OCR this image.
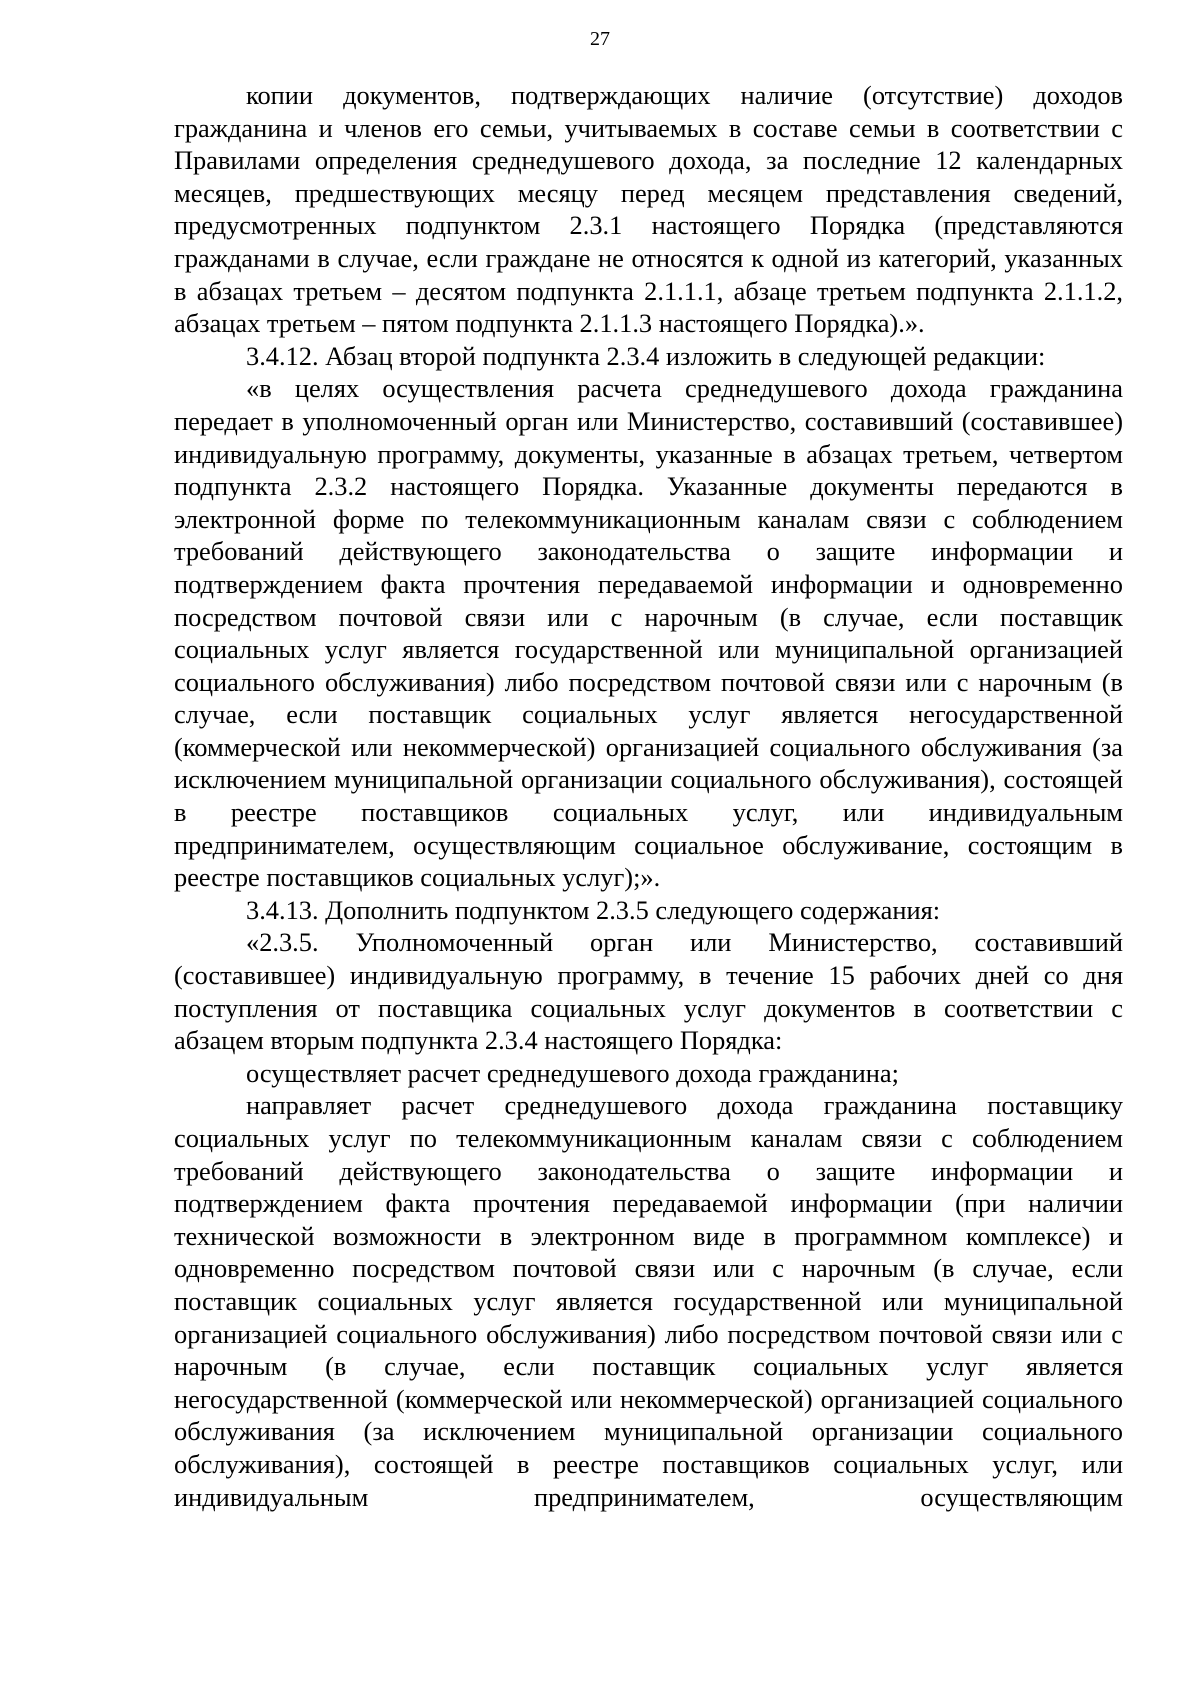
27

копии документов, подтверждающих наличие (отсутствие) доходов гражданина и членов его семьи, учитываемых в составе семьи в соответствии с Правилами определения среднедушевого дохода, за последние 12 календарных месяцев, предшествующих месяцу перед месяцем представления сведений, предусмотренных подпунктом 2.3.1 настоящего Порядка (представляются гражданами в случае, если граждане не относятся к одной из категорий, указанных в абзацах третьем – десятом подпункта 2.1.1.1, абзаце третьем подпункта 2.1.1.2, абзацах третьем – пятом подпункта 2.1.1.3 настоящего Порядка).».

3.4.12. Абзац второй подпункта 2.3.4 изложить в следующей редакции:

«в целях осуществления расчета среднедушевого дохода гражданина передает в уполномоченный орган или Министерство, составивший (составившее) индивидуальную программу, документы, указанные в абзацах третьем, четвертом подпункта 2.3.2 настоящего Порядка. Указанные документы передаются в электронной форме по телекоммуникационным каналам связи с соблюдением требований действующего законодательства о защите информации и подтверждением факта прочтения передаваемой информации и одновременно посредством почтовой связи или с нарочным (в случае, если поставщик социальных услуг является государственной или муниципальной организацией социального обслуживания) либо посредством почтовой связи или с нарочным (в случае, если поставщик социальных услуг является негосударственной (коммерческой или некоммерческой) организацией социального обслуживания (за исключением муниципальной организации социального обслуживания), состоящей в реестре поставщиков социальных услуг, или индивидуальным предпринимателем, осуществляющим социальное обслуживание, состоящим в реестре поставщиков социальных услуг);».

3.4.13. Дополнить подпунктом 2.3.5 следующего содержания:

«2.3.5. Уполномоченный орган или Министерство, составивший (составившее) индивидуальную программу, в течение 15 рабочих дней со дня поступления от поставщика социальных услуг документов в соответствии с абзацем вторым подпункта 2.3.4 настоящего Порядка:

осуществляет расчет среднедушевого дохода гражданина;

направляет расчет среднедушевого дохода гражданина поставщику социальных услуг по телекоммуникационным каналам связи с соблюдением требований действующего законодательства о защите информации и подтверждением факта прочтения передаваемой информации (при наличии технической возможности в электронном виде в программном комплексе) и одновременно посредством почтовой связи или с нарочным (в случае, если поставщик социальных услуг является государственной или муниципальной организацией социального обслуживания) либо посредством почтовой связи или с нарочным (в случае, если поставщик социальных услуг является негосударственной (коммерческой или некоммерческой) организацией социального обслуживания (за исключением муниципальной организации социального обслуживания), состоящей в реестре поставщиков социальных услуг, или индивидуальным предпринимателем, осуществляющим
